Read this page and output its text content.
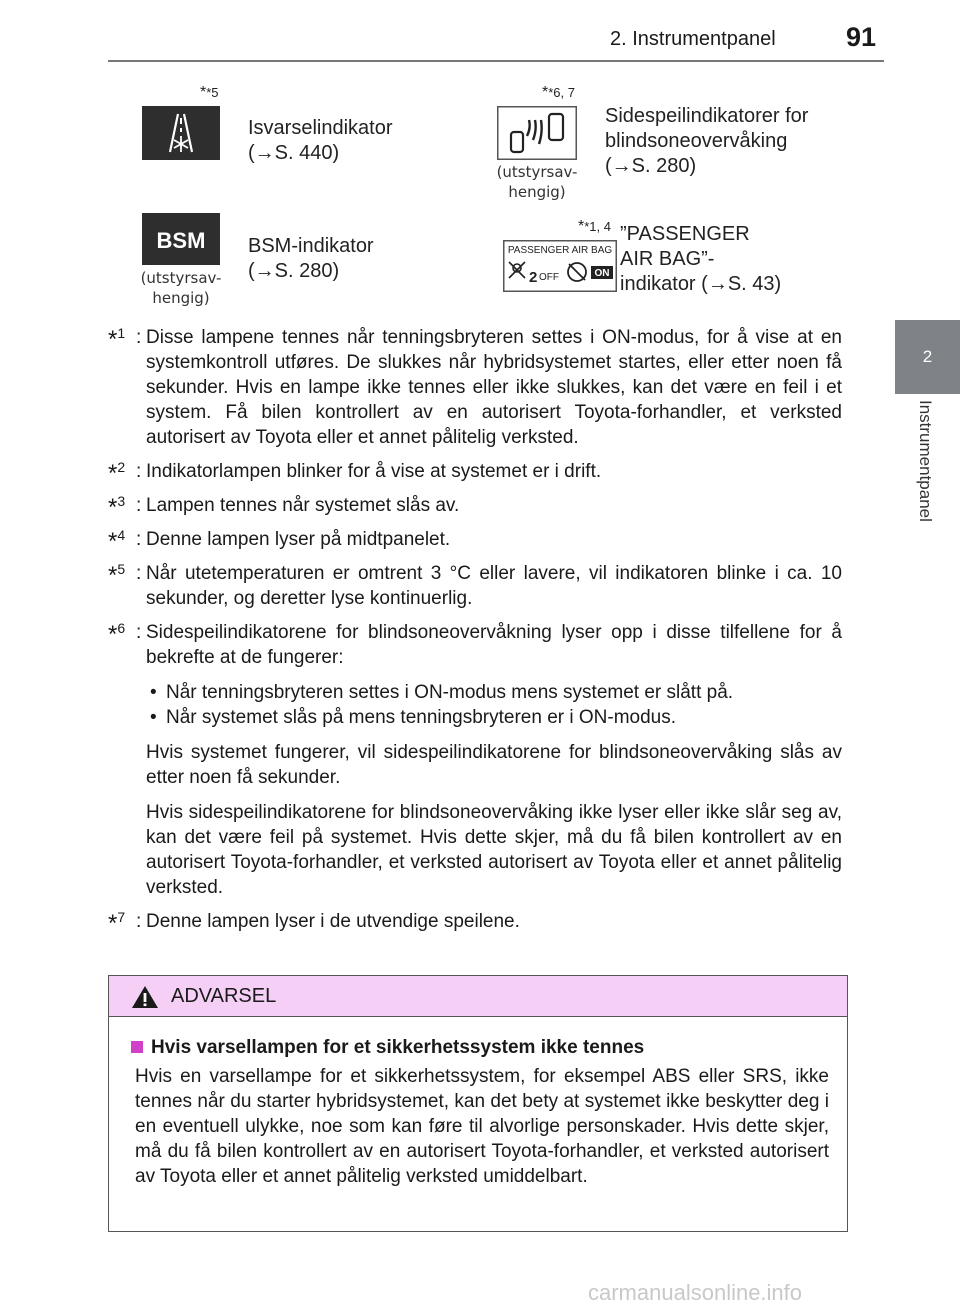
2. Instrumentpanel	91
2
Instrumentpanel
**5
Isvarselindikator
(→S. 440)
**6, 7
(utstyrsav-
hengig)
Sidespeilindikatorer for
blindsoneovervåking
(→S. 280)
BSM
(utstyrsav-
hengig)
BSM-indikator
(→S. 280)
**1, 4
PASSENGER AIR BAG
2 OFF	ON
”PASSENGER
AIR BAG”-
indikator (→S. 43)
*$^1$ : Disse lampene tennes når tenningsbryteren settes i ON-modus, for å vise at en systemkontroll utføres. De slukkes når hybridsystemet startes, eller etter noen få sekunder. Hvis en lampe ikke tennes eller ikke slukkes, kan det være en feil i et system. Få bilen kontrollert av en autorisert Toyota-forhandler, et verksted autorisert av Toyota eller et annet pålitelig verksted.
*$^2$ : Indikatorlampen blinker for å vise at systemet er i drift.
*$^3$ : Lampen tennes når systemet slås av.
*$^4$ : Denne lampen lyser på midtpanelet.
*$^5$ : Når utetemperaturen er omtrent 3 °C eller lavere, vil indikatoren blinke i ca. 10 sekunder, og deretter lyse kontinuerlig.
*$^6$ : Sidespeilindikatorene for blindsoneovervåkning lyser opp i disse tilfellene for å bekrefte at de fungerer:
• Når tenningsbryteren settes i ON-modus mens systemet er slått på.
• Når systemet slås på mens tenningsbryteren er i ON-modus.
Hvis systemet fungerer, vil sidespeilindikatorene for blindsoneovervåking slås av etter noen få sekunder.
Hvis sidespeilindikatorene for blindsoneovervåking ikke lyser eller ikke slår seg av, kan det være feil på systemet. Hvis dette skjer, må du få bilen kontrollert av en autorisert Toyota-forhandler, et verksted autorisert av Toyota eller et annet pålitelig verksted.
*$^7$ : Denne lampen lyser i de utvendige speilene.
ADVARSEL
Hvis varsellampen for et sikkerhetssystem ikke tennes
Hvis en varsellampe for et sikkerhetssystem, for eksempel ABS eller SRS, ikke tennes når du starter hybridsystemet, kan det bety at systemet ikke beskytter deg i en eventuell ulykke, noe som kan føre til alvorlige personskader. Hvis dette skjer, må du få bilen kontrollert av en autorisert Toyota-forhandler, et verksted autorisert av Toyota eller et annet pålitelig verksted umiddelbart.
carmanualsonline.info
